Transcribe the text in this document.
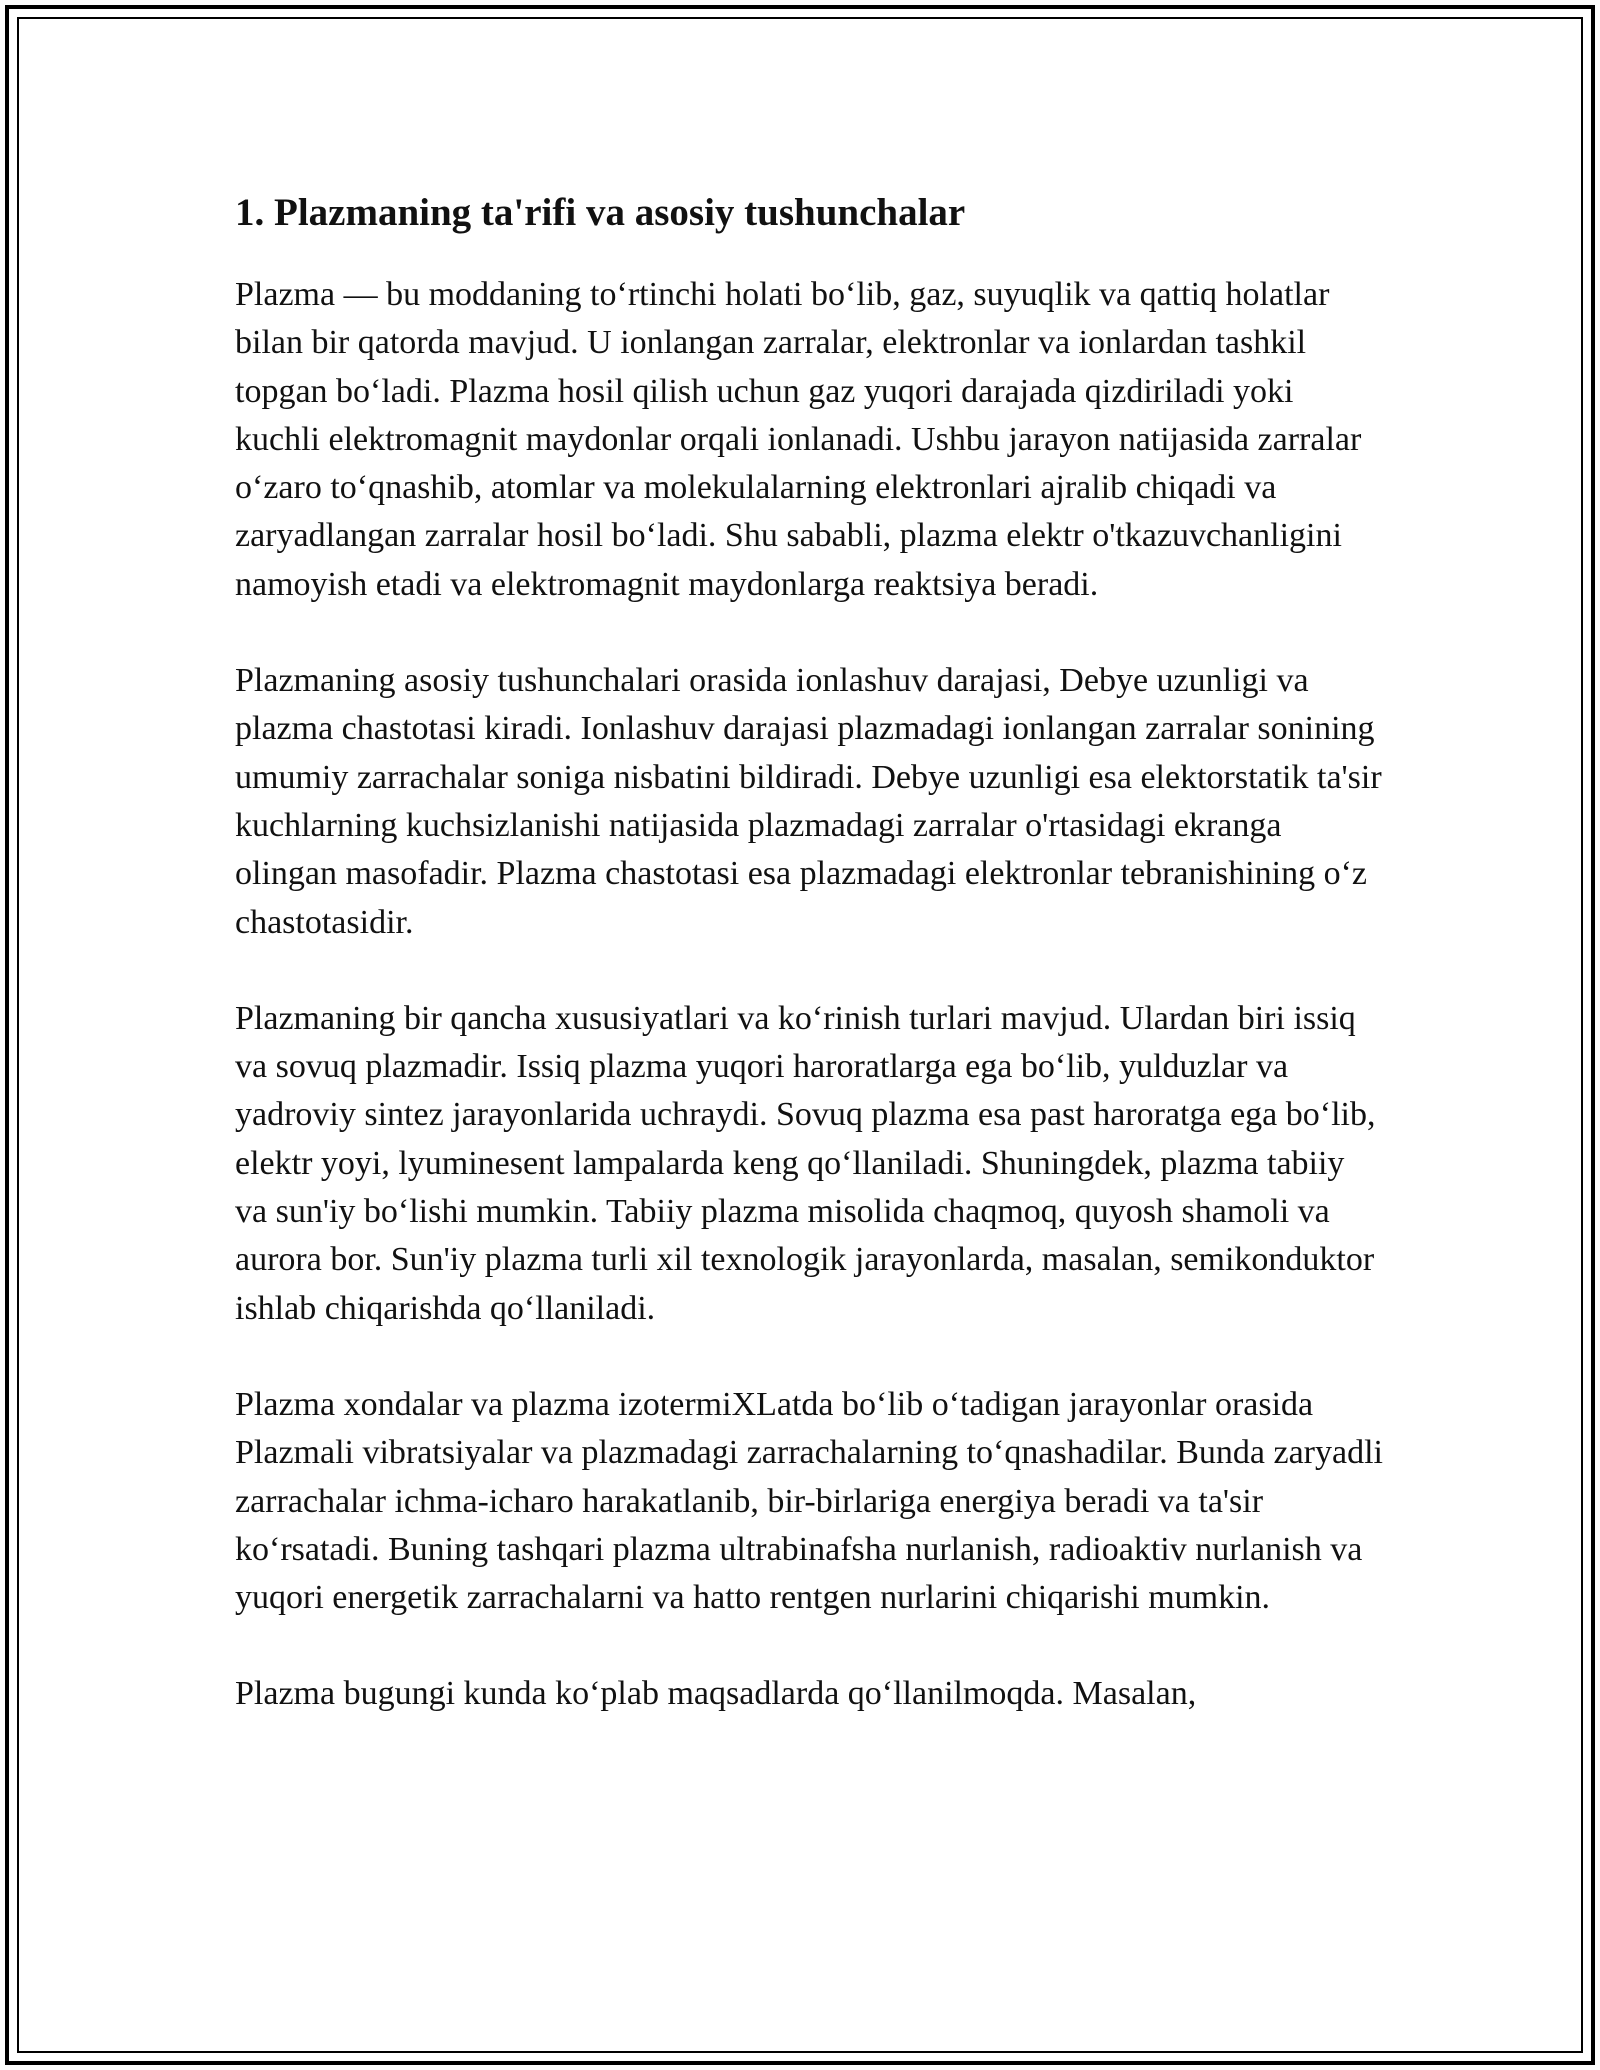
1. Plazmaning ta'rifi va asosiy tushunchalar

Plazma — bu moddaning to‘rtinchi holati bo‘lib, gaz, suyuqlik va qattiq holatlar bilan bir qatorda mavjud. U ionlangan zarralar, elektronlar va ionlardan tashkil topgan bo‘ladi. Plazma hosil qilish uchun gaz yuqori darajada qizdiriladi yoki kuchli elektromagnit maydonlar orqali ionlanadi. Ushbu jarayon natijasida zarralar o‘zaro to‘qnashib, atomlar va molekulalarning elektronlari ajralib chiqadi va zaryadlangan zarralar hosil bo‘ladi. Shu sababli, plazma elektr o'tkazuvchanligini namoyish etadi va elektromagnit maydonlarga reaktsiya beradi.

Plazmaning asosiy tushunchalari orasida ionlashuv darajasi, Debye uzunligi va plazma chastotasi kiradi. Ionlashuv darajasi plazmadagi ionlangan zarralar sonining umumiy zarrachalar soniga nisbatini bildiradi. Debye uzunligi esa elektorstatik ta'sir kuchlarning kuchsizlanishi natijasida plazmadagi zarralar o'rtasidagi ekranga olingan masofadir. Plazma chastotasi esa plazmadagi elektronlar tebranishining o‘z chastotasidir.

Plazmaning bir qancha xususiyatlari va ko‘rinish turlari mavjud. Ulardan biri issiq va sovuq plazmadir. Issiq plazma yuqori haroratlarga ega bo‘lib, yulduzlar va yadroviy sintez jarayonlarida uchraydi. Sovuq plazma esa past haroratga ega bo‘lib, elektr yoyi, lyuminesent lampalarda keng qo‘llaniladi. Shuningdek, plazma tabiiy va sun'iy bo‘lishi mumkin. Tabiiy plazma misolida chaqmoq, quyosh shamoli va aurora bor. Sun'iy plazma turli xil texnologik jarayonlarda, masalan, semikonduktor ishlab chiqarishda qo‘llaniladi.

Plazma xondalar va plazma izotermiXLatda bo‘lib o‘tadigan jarayonlar orasida Plazmali vibratsiyalar va plazmadagi zarrachalarning to‘qnashadilar. Bunda zaryadli zarrachalar ichma-icharo harakatlanib, bir-birlariga energiya beradi va ta'sir ko‘rsatadi. Buning tashqari plazma ultrabinafsha nurlanish, radioaktiv nurlanish va yuqori energetik zarrachalarni va hatto rentgen nurlarini chiqarishi mumkin.

Plazma bugungi kunda ko‘plab maqsadlarda qo‘llanilmoqda. Masalan,
